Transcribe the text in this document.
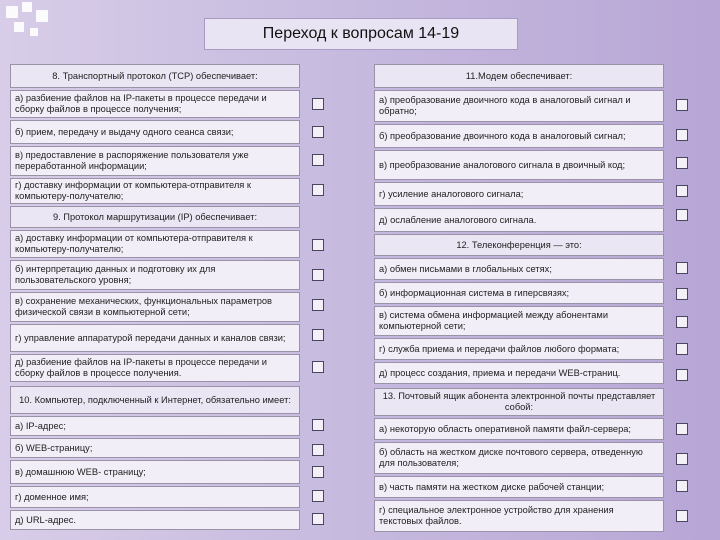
Переход к вопросам 14-19
8. Транспортный протокол (TCP) обеспечивает:
а) разбиение файлов на IP-пакеты в процессе передачи и сборку файлов в процессе получения;
б) прием, передачу и выдачу одного сеанса связи;
в) предоставление в распоряжение пользователя уже переработанной информации;
г) доставку информации от компьютера-отправителя к компьютеру-получателю;
9. Протокол маршрутизации (IP) обеспечивает:
а) доставку информации от компьютера-отправителя к компьютеру-получателю;
б) интерпретацию данных и подготовку их для пользовательского уровня;
в) сохранение механических, функциональных параметров физической связи в компьютерной сети;
г) управление аппаратурой передачи данных и каналов связи;
д) разбиение файлов на IP-пакеты в процессе передачи и сборку файлов в процессе получения.
10. Компьютер, подключенный к Интернет, обязательно имеет:
а) IP-адрес;
б) WEB-страницу;
в) домашнюю WEB- страницу;
г) доменное имя;
д) URL-адрес.
11.Модем обеспечивает:
а) преобразование двоичного кода в аналоговый сигнал и обратно;
б) преобразование двоичного кода в аналоговый сигнал;
в) преобразование аналогового сигнала в двоичный код;
г) усиление аналогового сигнала;
д) ослабление аналогового сигнала.
12. Телеконференция — это:
а) обмен письмами в глобальных сетях;
б) информационная система в гиперсвязях;
в) система обмена информацией между абонентами компьютерной сети;
г) служба приема и передачи файлов любого формата;
д) процесс создания, приема и передачи WEB-страниц.
13. Почтовый ящик абонента электронной почты представляет собой:
а) некоторую область оперативной памяти файл-сервера;
б) область на жестком диске почтового сервера, отведенную для пользователя;
в) часть памяти на жестком диске рабочей станции;
г) специальное электронное устройство для хранения текстовых файлов.
